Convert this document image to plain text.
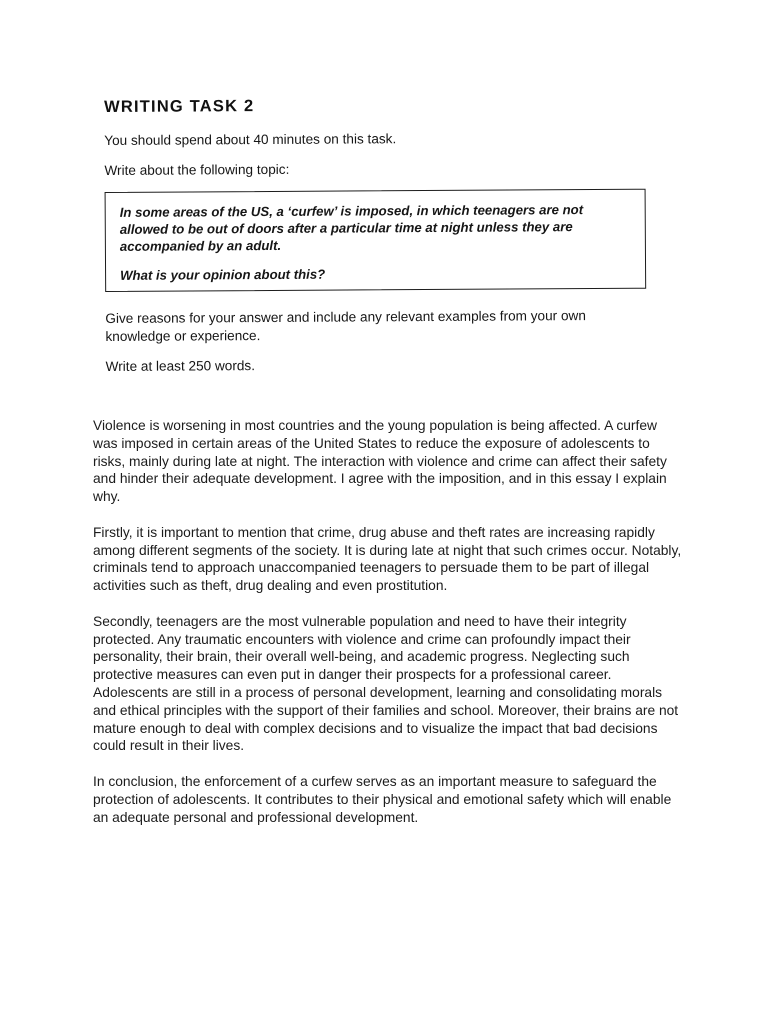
WRITING TASK 2
You should spend about 40 minutes on this task.
Write about the following topic:
In some areas of the US, a ‘curfew’ is imposed, in which teenagers are not allowed to be out of doors after a particular time at night unless they are accompanied by an adult.
What is your opinion about this?
Give reasons for your answer and include any relevant examples from your own knowledge or experience.
Write at least 250 words.

Violence is worsening in most countries and the young population is being affected. A curfew was imposed in certain areas of the United States to reduce the exposure of adolescents to risks, mainly during late at night. The interaction with violence and crime can affect their safety and hinder their adequate development. I agree with the imposition, and in this essay I explain why.

Firstly, it is important to mention that crime, drug abuse and theft rates are increasing rapidly among different segments of the society. It is during late at night that such crimes occur. Notably, criminals tend to approach unaccompanied teenagers to persuade them to be part of illegal activities such as theft, drug dealing and even prostitution.

Secondly, teenagers are the most vulnerable population and need to have their integrity protected. Any traumatic encounters with violence and crime can profoundly impact their personality, their brain, their overall well-being, and academic progress. Neglecting such protective measures can even put in danger their prospects for a professional career. Adolescents are still in a process of personal development, learning and consolidating morals and ethical principles with the support of their families and school. Moreover, their brains are not mature enough to deal with complex decisions and to visualize the impact that bad decisions could result in their lives.

In conclusion, the enforcement of a curfew serves as an important measure to safeguard the protection of adolescents. It contributes to their physical and emotional safety which will enable an adequate personal and professional development.
